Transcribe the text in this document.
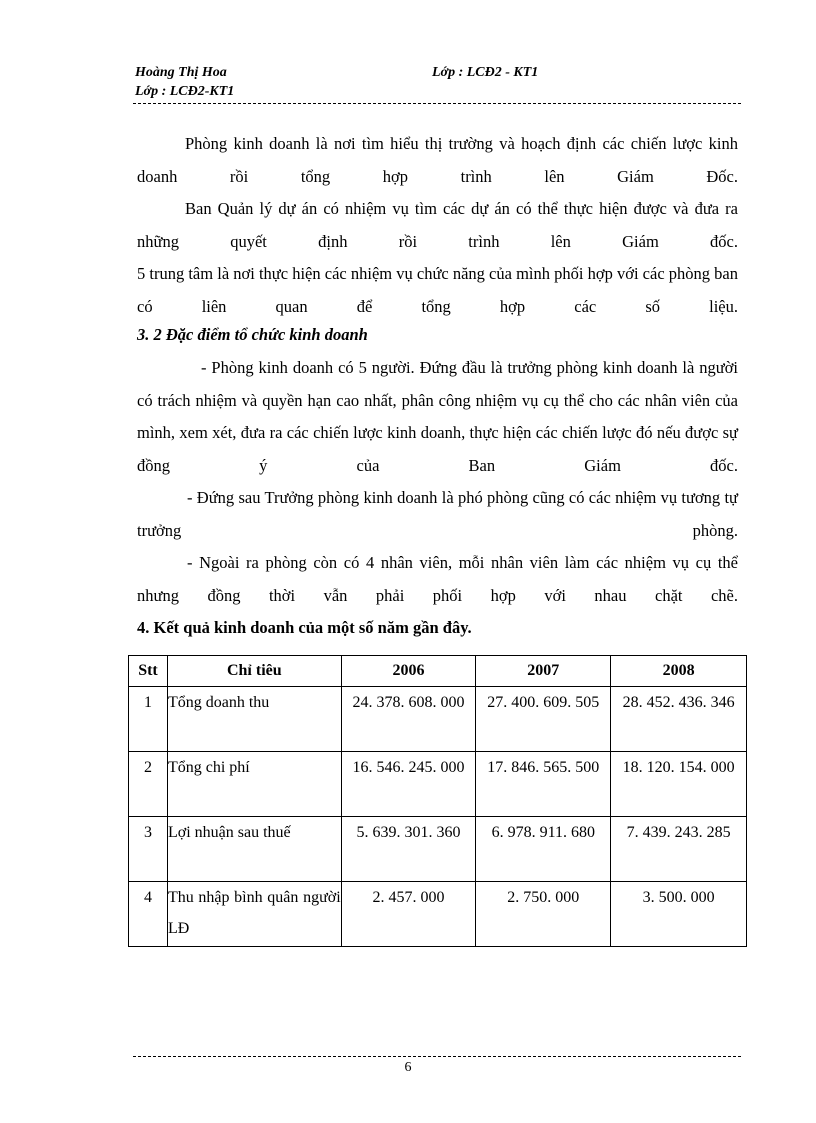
Hoàng Thị Hoa	Lớp : LCĐ2 - KT1
Lớp : LCĐ2-KT1

Phòng kinh doanh là nơi tìm hiểu thị trường và hoạch định các chiến lược kinh doanh rồi tổng hợp trình lên Giám Đốc.

Ban Quản lý dự án có nhiệm vụ tìm các dự án có thể thực hiện được và đưa ra những quyết định rồi trình lên Giám đốc.

5 trung tâm là nơi thực hiện các nhiệm vụ chức năng của mình phối hợp với các phòng ban có liên quan để tổng hợp các số liệu.

3. 2 Đặc điểm tổ chức kinh doanh

- Phòng kinh doanh có 5 người. Đứng đầu là trưởng phòng kinh doanh là người có trách nhiệm và quyền hạn cao nhất, phân công nhiệm vụ cụ thể cho các nhân viên của mình, xem xét, đưa ra các chiến lược kinh doanh, thực hiện các chiến lược đó nếu được sự đồng ý của Ban Giám đốc.

- Đứng sau Trưởng phòng kinh doanh là phó phòng cũng có các nhiệm vụ tương tự trưởng phòng.

- Ngoài ra phòng còn có 4 nhân viên, mỗi nhân viên làm các nhiệm vụ cụ thể nhưng đồng thời vẫn phải phối hợp với nhau chặt chẽ.

4. Kết quả kinh doanh của một số năm gần đây.

Stt	Chỉ tiêu	2006	2007	2008
1	Tổng doanh thu	24. 378. 608. 000	27. 400. 609. 505	28. 452. 436. 346
2	Tổng chi phí	16. 546. 245. 000	17. 846. 565. 500	18. 120. 154. 000
3	Lợi nhuận sau thuế	5. 639. 301. 360	6. 978. 911. 680	7. 439. 243. 285
4	Thu nhập bình quân người LĐ	2. 457. 000	2. 750. 000	3. 500. 000
6
